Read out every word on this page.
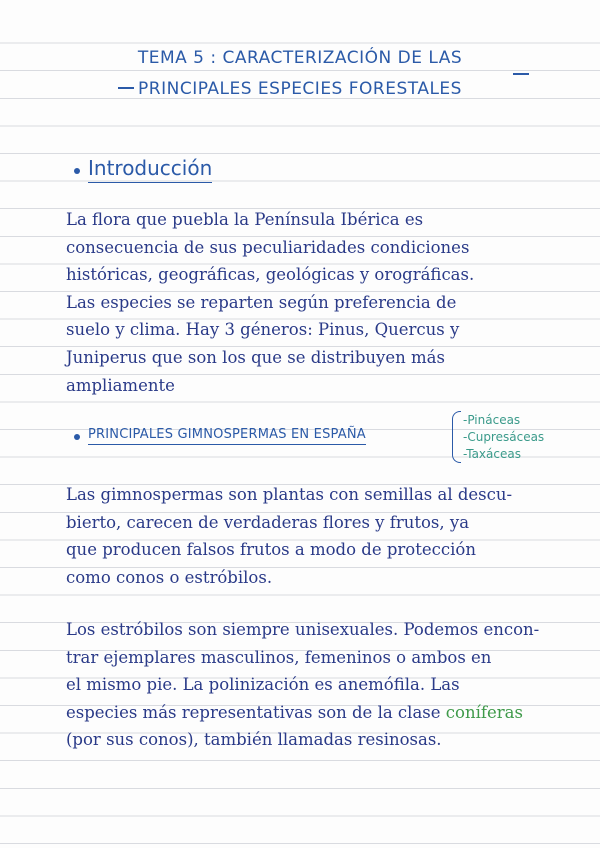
TEMA 5 : CARACTERIZACIÓN DE LAS
PRINCIPALES ESPECIES FORESTALES
Introducción
La flora que puebla la Península Ibérica es
consecuencia de sus peculiaridades condiciones
históricas, geográficas, geológicas y orográficas.
Las especies se reparten según preferencia de
suelo y clima. Hay 3 géneros: Pinus, Quercus y
Juniperus que son los que se distribuyen más
ampliamente
PRINCIPALES GIMNOSPERMAS EN ESPAÑA
-Pináceas
-Cupresáceas
-Taxáceas
Las gimnospermas son plantas con semillas al descu-
bierto, carecen de verdaderas flores y frutos, ya
que producen falsos frutos a modo de protección
como conos o estróbilos.
Los estróbilos son siempre unisexuales. Podemos encon-
trar ejemplares masculinos, femeninos o ambos en
el mismo pie. La polinización es anemófila. Las
especies más representativas son de la clase coníferas
(por sus conos), también llamadas resinosas.
